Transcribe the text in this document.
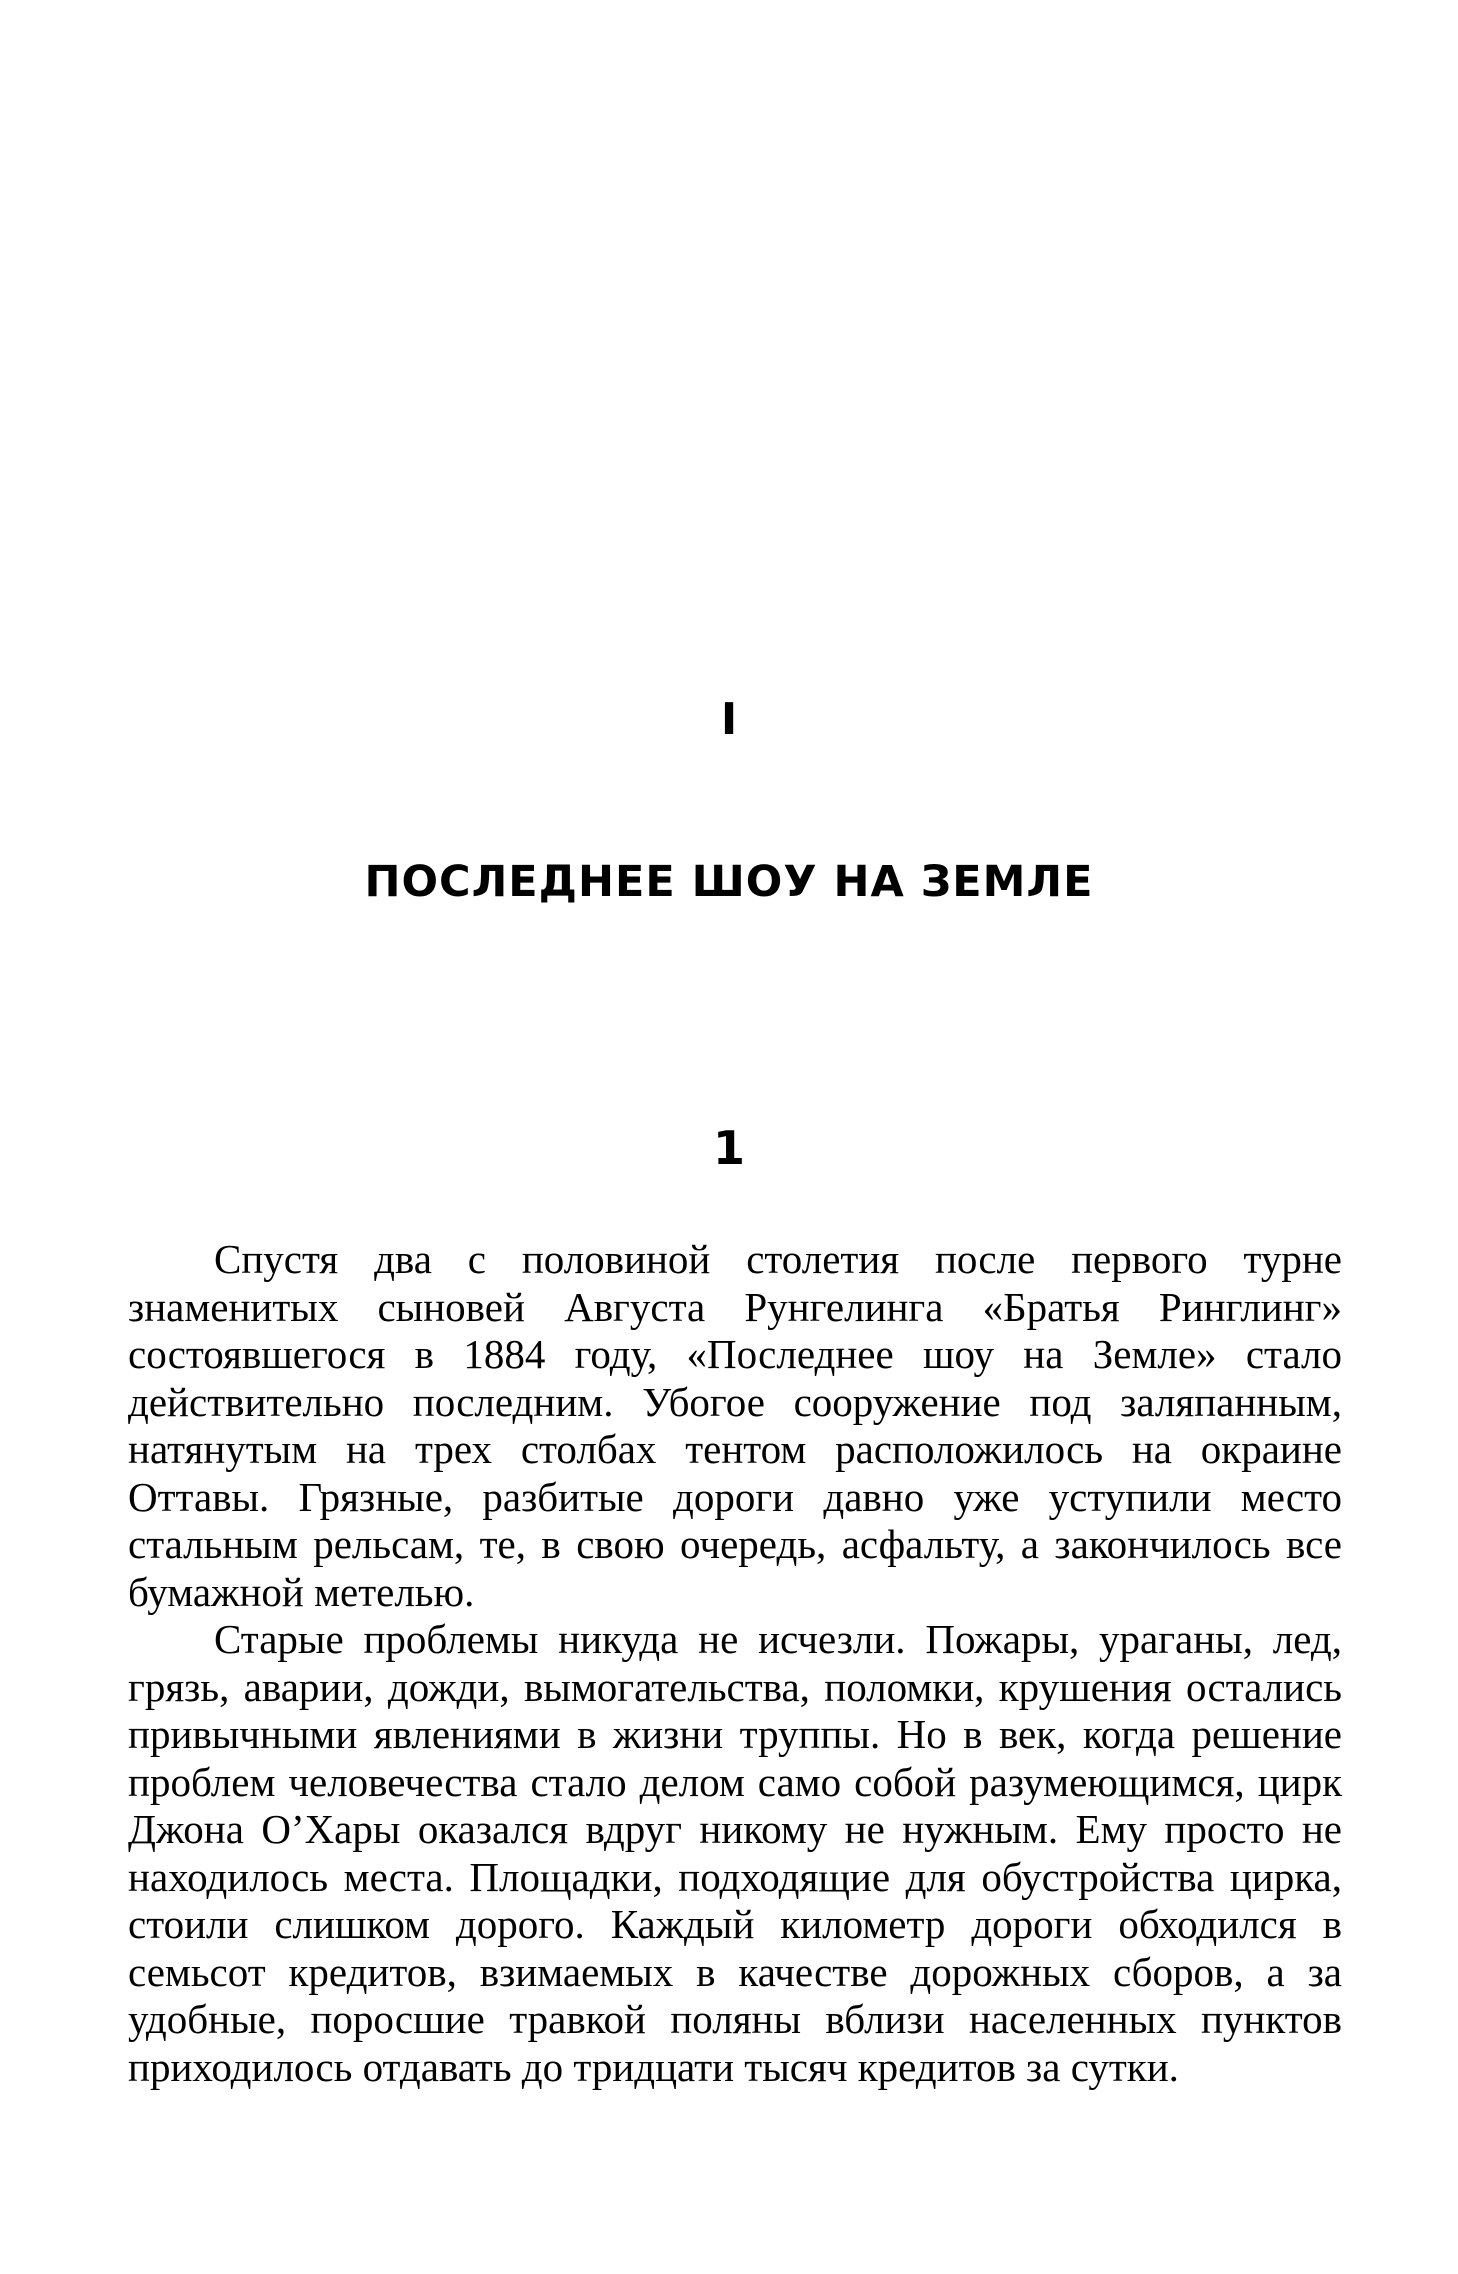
I
ПОСЛЕДНЕЕ ШОУ НА ЗЕМЛЕ
1

Спустя два с половиной столетия после первого турне знаменитых сыновей Августа Рунгелинга «Братья Ринглинг» состоявшегося в 1884 году, «Последнее шоу на Земле» стало действительно последним. Убогое сооружение под заляпанным, натянутым на трех столбах тентом расположилось на окраине Оттавы. Грязные, разбитые дороги давно уже уступили место стальным рельсам, те, в свою очередь, асфальту, а закончилось все бумажной метелью.

Старые проблемы никуда не исчезли. Пожары, ураганы, лед, грязь, аварии, дожди, вымогательства, поломки, крушения остались привычными явлениями в жизни труппы. Но в век, когда решение проблем человечества стало делом само собой разумеющимся, цирк Джона О’Хары оказался вдруг никому не нужным. Ему просто не находилось места. Площадки, подходящие для обустройства цирка, стоили слишком дорого. Каждый километр дороги обходился в семьсот кредитов, взимаемых в качестве дорожных сборов, а за удобные, поросшие травкой поляны вблизи населенных пунктов приходилось отдавать до тридцати тысяч кредитов за сутки.
